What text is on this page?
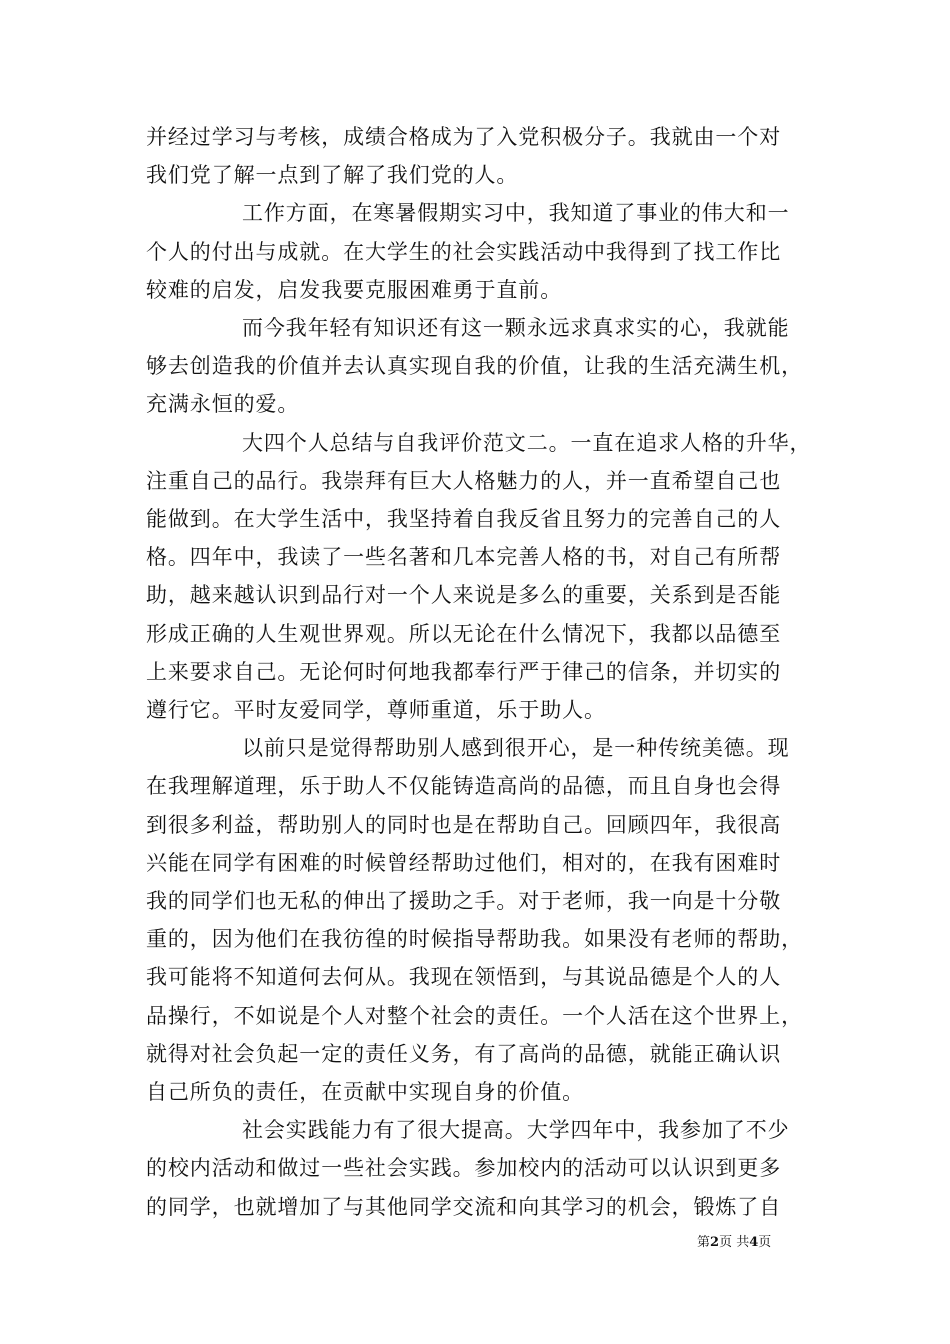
并经过学习与考核，成绩合格成为了入党积极分子。我就由一个对
我们党了解一点到了解了我们党的人。
工作方面，在寒暑假期实习中，我知道了事业的伟大和一
个人的付出与成就。在大学生的社会实践活动中我得到了找工作比
较难的启发，启发我要克服困难勇于直前。
而今我年轻有知识还有这一颗永远求真求实的心，我就能
够去创造我的价值并去认真实现自我的价值，让我的生活充满生机，
充满永恒的爱。
大四个人总结与自我评价范文二。一直在追求人格的升华，
注重自己的品行。我崇拜有巨大人格魅力的人，并一直希望自己也
能做到。在大学生活中，我坚持着自我反省且努力的完善自己的人
格。四年中，我读了一些名著和几本完善人格的书，对自己有所帮
助，越来越认识到品行对一个人来说是多么的重要，关系到是否能
形成正确的人生观世界观。所以无论在什么情况下，我都以品德至
上来要求自己。无论何时何地我都奉行严于律己的信条，并切实的
遵行它。平时友爱同学，尊师重道，乐于助人。
以前只是觉得帮助别人感到很开心，是一种传统美德。现
在我理解道理，乐于助人不仅能铸造高尚的品德，而且自身也会得
到很多利益，帮助别人的同时也是在帮助自己。回顾四年，我很高
兴能在同学有困难的时候曾经帮助过他们，相对的，在我有困难时
我的同学们也无私的伸出了援助之手。对于老师，我一向是十分敬
重的，因为他们在我彷徨的时候指导帮助我。如果没有老师的帮助，
我可能将不知道何去何从。我现在领悟到，与其说品德是个人的人
品操行，不如说是个人对整个社会的责任。一个人活在这个世界上，
就得对社会负起一定的责任义务，有了高尚的品德，就能正确认识
自己所负的责任，在贡献中实现自身的价值。
社会实践能力有了很大提高。大学四年中，我参加了不少
的校内活动和做过一些社会实践。参加校内的活动可以认识到更多
的同学，也就增加了与其他同学交流和向其学习的机会，锻炼了自
第2页 共4页
